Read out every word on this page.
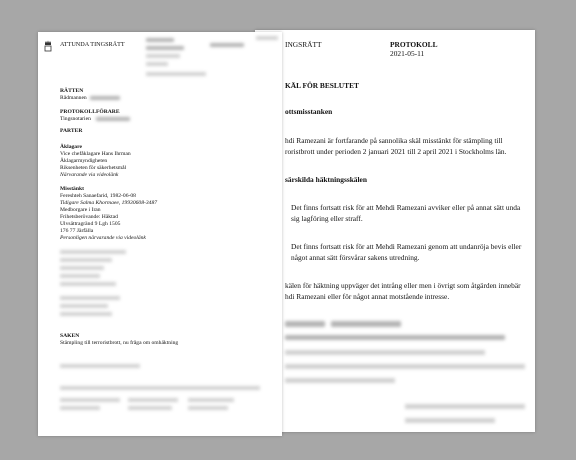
INGSRÄTT	PROTOKOLL
2021-05-11
KÄL FÖR BESLUTET
ottsmisstanken
hdi Ramezani är fortfarande på sannolika skäl misstänkt för stämpling till
roristbrott under perioden 2 januari 2021 till 2 april 2021 i Stockholms län.
särskilda häktningsskälen
Det finns fortsatt risk för att Mehdi Ramezani avviker eller på annat sätt unda
sig lagföring eller straff.
Det finns fortsatt risk för att Mehdi Ramezani genom att undanröja bevis eller
något annat sätt försvårar sakens utredning.
kälen för häktning uppväger det intrång eller men i övrigt som åtgärden innebär
hdi Ramezani eller för något annat motstående intresse.
ATTUNDA TINGSRÄTT
RÄTTEN
Rådmannen
PROTOKOLLFÖRARE
Tingsnotarien
PARTER
Åklagare
Vice chefåklagare Hans Ihrman
Åklagarmyndigheten
Riksenheten för säkerhetsmål
Närvarande via videolänk
Misstänkt
Fereshteh Sanaefarid, 1982-06-08
Tidigare Salma Khormaee, 19930608-3487
Medborgare i Iran
Frihetsberövande: Häktad
Ulvsättragränd 9 Lgh 1505
176 77 Järfälla
Personligen närvarande via videolänk
SAKEN
Stämpling till terroristbrott, nu fråga om omhäktning
